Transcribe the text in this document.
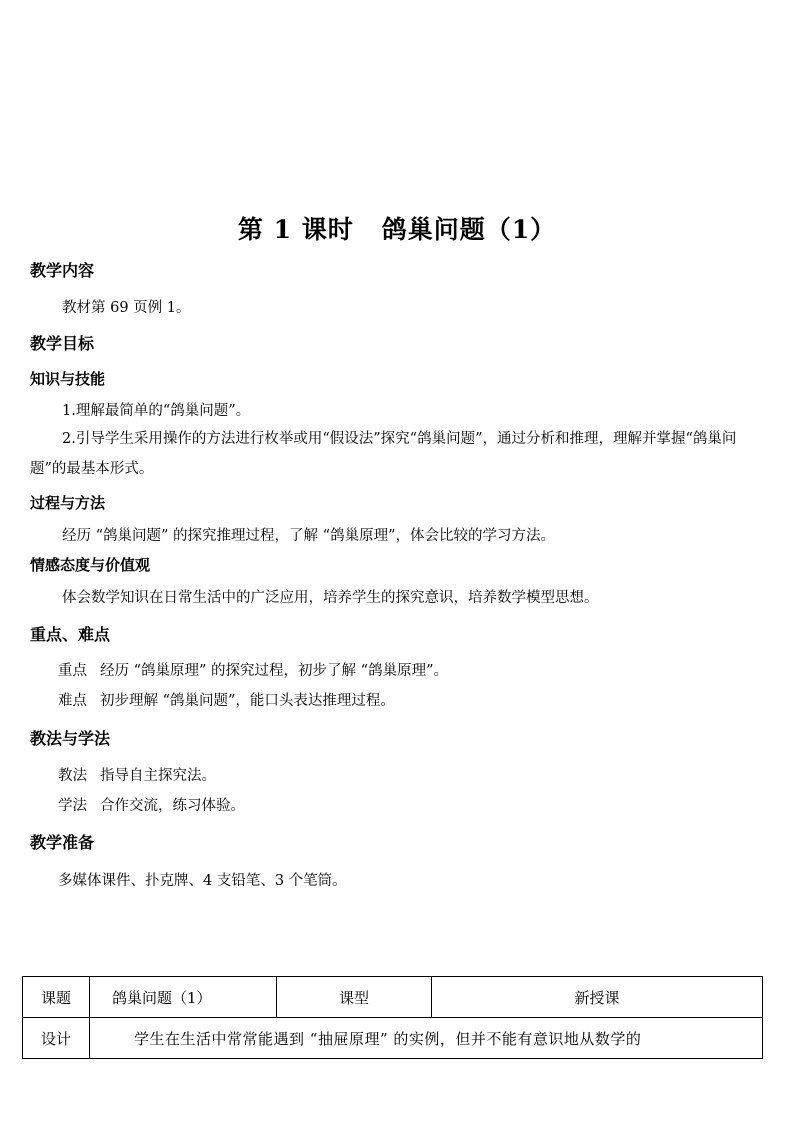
第 1 课时 鸽巢问题（1）
教学内容
教材第 69 页例 1。
教学目标
知识与技能
1.理解最简单的“鸽巢问题”。
2.引导学生采用操作的方法进行枚举或用“假设法”探究“鸽巢问题”，通过分析和推理，理解并掌握“鸽巢问题”的最基本形式。
过程与方法
经历 “鸽巢问题” 的探究推理过程，了解 “鸽巢原理”，体会比较的学习方法。
情感态度与价值观
体会数学知识在日常生活中的广泛应用，培养学生的探究意识，培养数学模型思想。
重点、难点
重点 经历 “鸽巢原理” 的探究过程，初步了解 “鸽巢原理”。
难点 初步理解 “鸽巢问题”，能口头表达推理过程。
教法与学法
教法 指导自主探究法。
学法 合作交流，练习体验。
教学准备
多媒体课件、扑克牌、4 支铅笔、3 个笔筒。
课题	鸽巢问题（1）	课型	新授课
设计	学生在生活中常常能遇到 “抽屉原理” 的实例，但并不能有意识地从数学的		
